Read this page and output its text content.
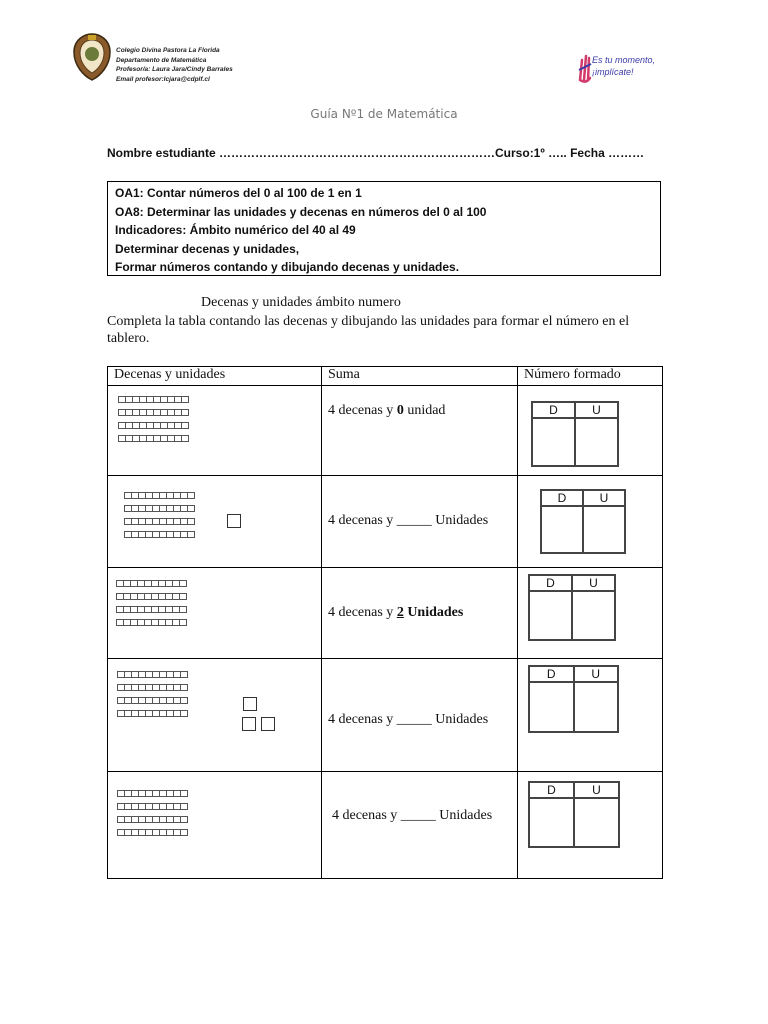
Colegio Divina Pastora La Florida
Departamento de Matemática
Profesor/a: Laura Jara/Cindy Barrales
Email profesor:lcjara@cdplf.cl
Es tu momento,
¡implícate!
Guía Nº1 de Matemática
Nombre estudiante ……………………………………………………………Curso:1º ….. Fecha ………
OA1: Contar números del 0 al 100 de 1 en 1
OA8: Determinar las unidades y decenas en números del 0 al 100
Indicadores: Ámbito numérico del 40 al 49
Determinar decenas y unidades,
Formar números contando y dibujando decenas y unidades.
Decenas y unidades ámbito numero
Completa la tabla contando las decenas y dibujando las unidades para formar el número en el tablero.
Decenas y unidades	Suma	Número formado

	4 decenas y 0 unidad	D U

	4 decenas y _____ Unidades	D U

	4 decenas y 2 Unidades	D U

	4 decenas y _____ Unidades	D U

	4 decenas y _____ Unidades	D U
